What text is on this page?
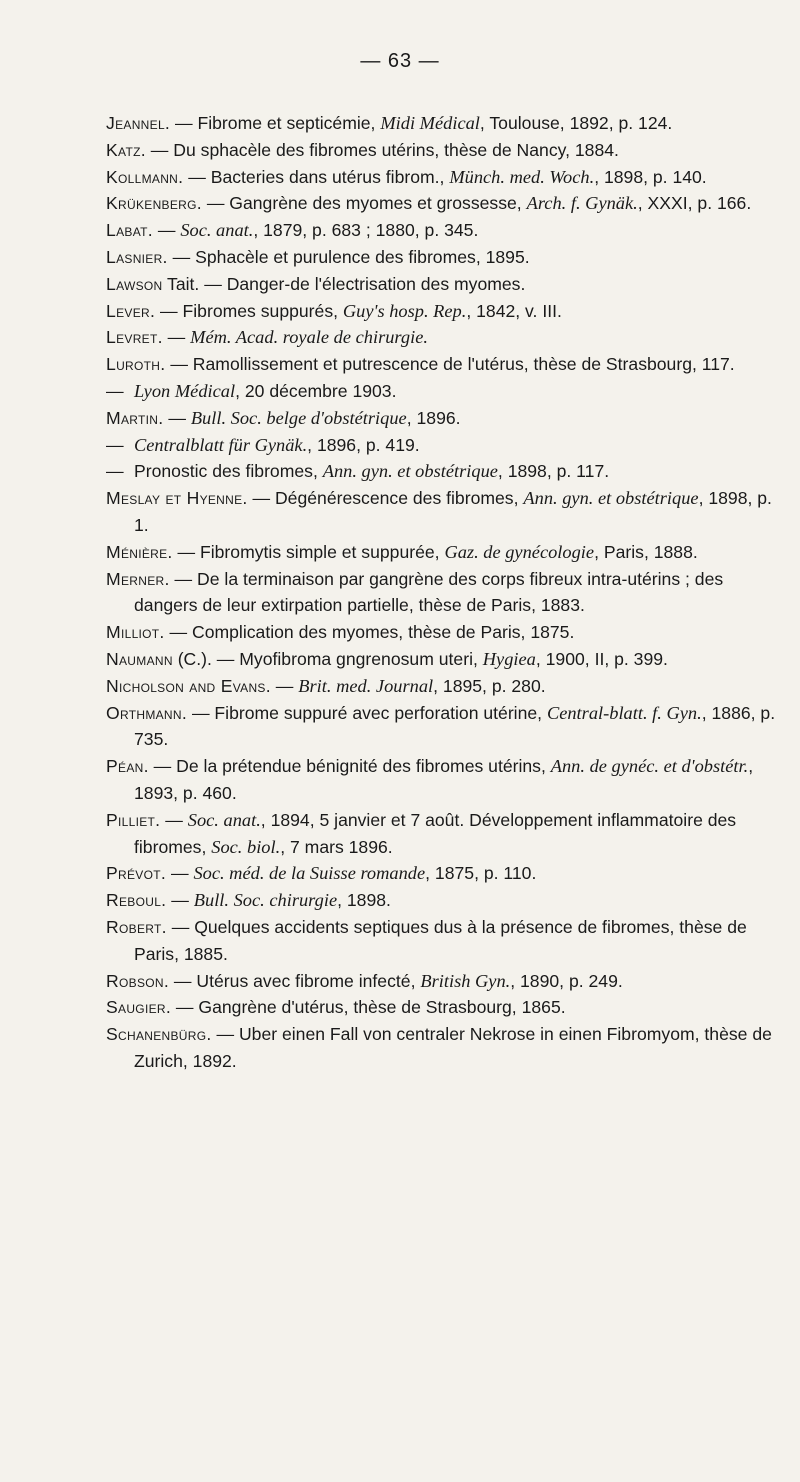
— 63 —
Jeannel. — Fibrome et septicémie, Midi Médical, Toulouse, 1892, p. 124.
Katz. — Du sphacèle des fibromes utérins, thèse de Nancy, 1884.
Kollmann. — Bacteries dans utérus fibrom., Münch. med. Woch., 1898, p. 140.
Krükenberg. — Gangrène des myomes et grossesse, Arch. f. Gynäk., XXXI, p. 166.
Labat. — Soc. anat., 1879, p. 683 ; 1880, p. 345.
Lasnier. — Sphacèle et purulence des fibromes, 1895.
Lawson Tait. — Danger-de l'électrisation des myomes.
Lever. — Fibromes suppurés, Guy's hosp. Rep., 1842, v. III.
Levret. — Mém. Acad. royale de chirurgie.
Luroth. — Ramollissement et putrescence de l'utérus, thèse de Strasbourg, 117.
— Lyon Médical, 20 décembre 1903.
Martin. — Bull. Soc. belge d'obstétrique, 1896.
— Centralblatt für Gynäk., 1896, p. 419.
— Pronostic des fibromes, Ann. gyn. et obstétrique, 1898, p. 117.
Meslay et Hyenne. — Dégénérescence des fibromes, Ann. gyn. et obstétrique, 1898, p. 1.
Ménière. — Fibromytis simple et suppurée, Gaz. de gynécologie, Paris, 1888.
Merner. — De la terminaison par gangrène des corps fibreux intra-utérins ; des dangers de leur extirpation partielle, thèse de Paris, 1883.
Milliot. — Complication des myomes, thèse de Paris, 1875.
Naumann (C.). — Myofibroma gngrenosum uteri, Hygiea, 1900, II, p. 399.
Nicholson and Evans. — Brit. med. Journal, 1895, p. 280.
Orthmann. — Fibrome suppuré avec perforation utérine, Central-blatt. f. Gyn., 1886, p. 735.
Péan. — De la prétendue bénignité des fibromes utérins, Ann. de gynéc. et d'obstétr., 1893, p. 460.
Pilliet. — Soc. anat., 1894, 5 janvier et 7 août. Développement inflammatoire des fibromes, Soc. biol., 7 mars 1896.
Prévot. — Soc. méd. de la Suisse romande, 1875, p. 110.
Reboul. — Bull. Soc. chirurgie, 1898.
Robert. — Quelques accidents septiques dus à la présence de fibromes, thèse de Paris, 1885.
Robson. — Utérus avec fibrome infecté, British Gyn., 1890, p. 249.
Saugier. — Gangrène d'utérus, thèse de Strasbourg, 1865.
Schanenbürg. — Uber einen Fall von centraler Nekrose in einen Fibromyom, thèse de Zurich, 1892.
